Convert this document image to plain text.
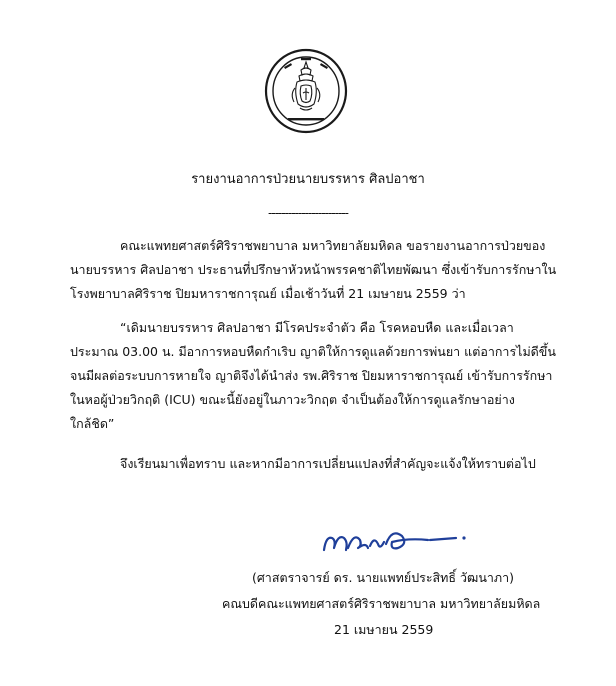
รายงานอาการป่วยนายบรรหาร ศิลปอาชา
------------------------
คณะแพทยศาสตร์ศิริราชพยาบาล มหาวิทยาลัยมหิดล ขอรายงานอาการป่วยของ
นายบรรหาร ศิลปอาชา ประธานที่ปรึกษาหัวหน้าพรรคชาติไทยพัฒนา ซึ่งเข้ารับการรักษาใน
โรงพยาบาลศิริราช ปิยมหาราชการุณย์ เมื่อเช้าวันที่ 21 เมษายน 2559 ว่า
“เดิมนายบรรหาร ศิลปอาชา มีโรคประจำตัว คือ โรคหอบหืด และเมื่อเวลา
ประมาณ 03.00 น. มีอาการหอบหืดกำเริบ ญาติให้การดูแลด้วยการพ่นยา แต่อาการไม่ดีขึ้น
จนมีผลต่อระบบการหายใจ ญาติจึงได้นำส่ง รพ.ศิริราช ปิยมหาราชการุณย์ เข้ารับการรักษา
ในหอผู้ป่วยวิกฤติ (ICU) ขณะนี้ยังอยู่ในภาวะวิกฤต จำเป็นต้องให้การดูแลรักษาอย่าง
ใกล้ชิด”
จึงเรียนมาเพื่อทราบ และหากมีอาการเปลี่ยนแปลงที่สำคัญจะแจ้งให้ทราบต่อไป
(ศาสตราจารย์ ดร. นายแพทย์ประสิทธิ์ วัฒนาภา)
คณบดีคณะแพทยศาสตร์ศิริราชพยาบาล มหาวิทยาลัยมหิดล
21 เมษายน 2559
